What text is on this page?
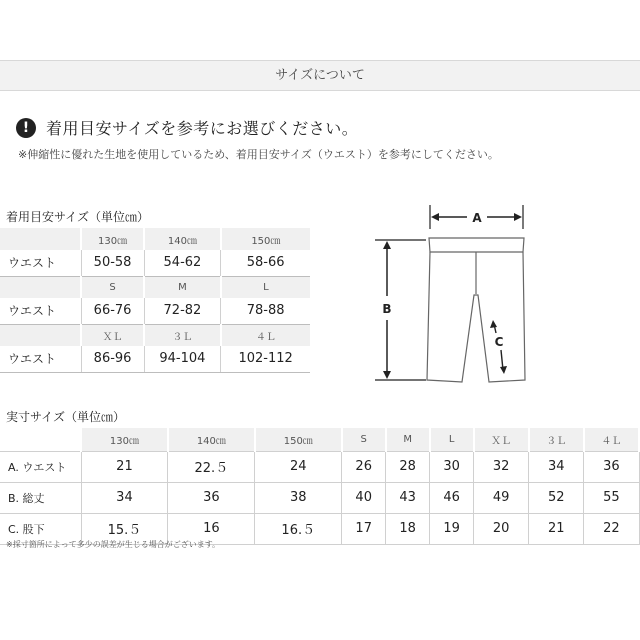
サイズについて
!	着用目安サイズを参考にお選びください。
※伸縮性に優れた生地を使用しているため、着用目安サイズ（ウエスト）を参考にしてください。
着用目安サイズ（単位㎝）
	130㎝	140㎝	150㎝
ウエスト	50-58	54-62	58-66
	S	M	L
ウエスト	66-76	72-82	78-88
	ＸＬ	３Ｌ	４Ｌ
ウエスト	86-96	94-104	102-112
A
B
C
実寸サイズ（単位㎝）
	130㎝	140㎝	150㎝	S	M	L	ＸＬ	３Ｌ	４Ｌ
A. ウエスト	21	22.５	24	26	28	30	32	34	36
B. 総丈	34	36	38	40	43	46	49	52	55
C. 股下	15.５	16	16.５	17	18	19	20	21	22
※採寸箇所によって多少の誤差が生じる場合がございます。
